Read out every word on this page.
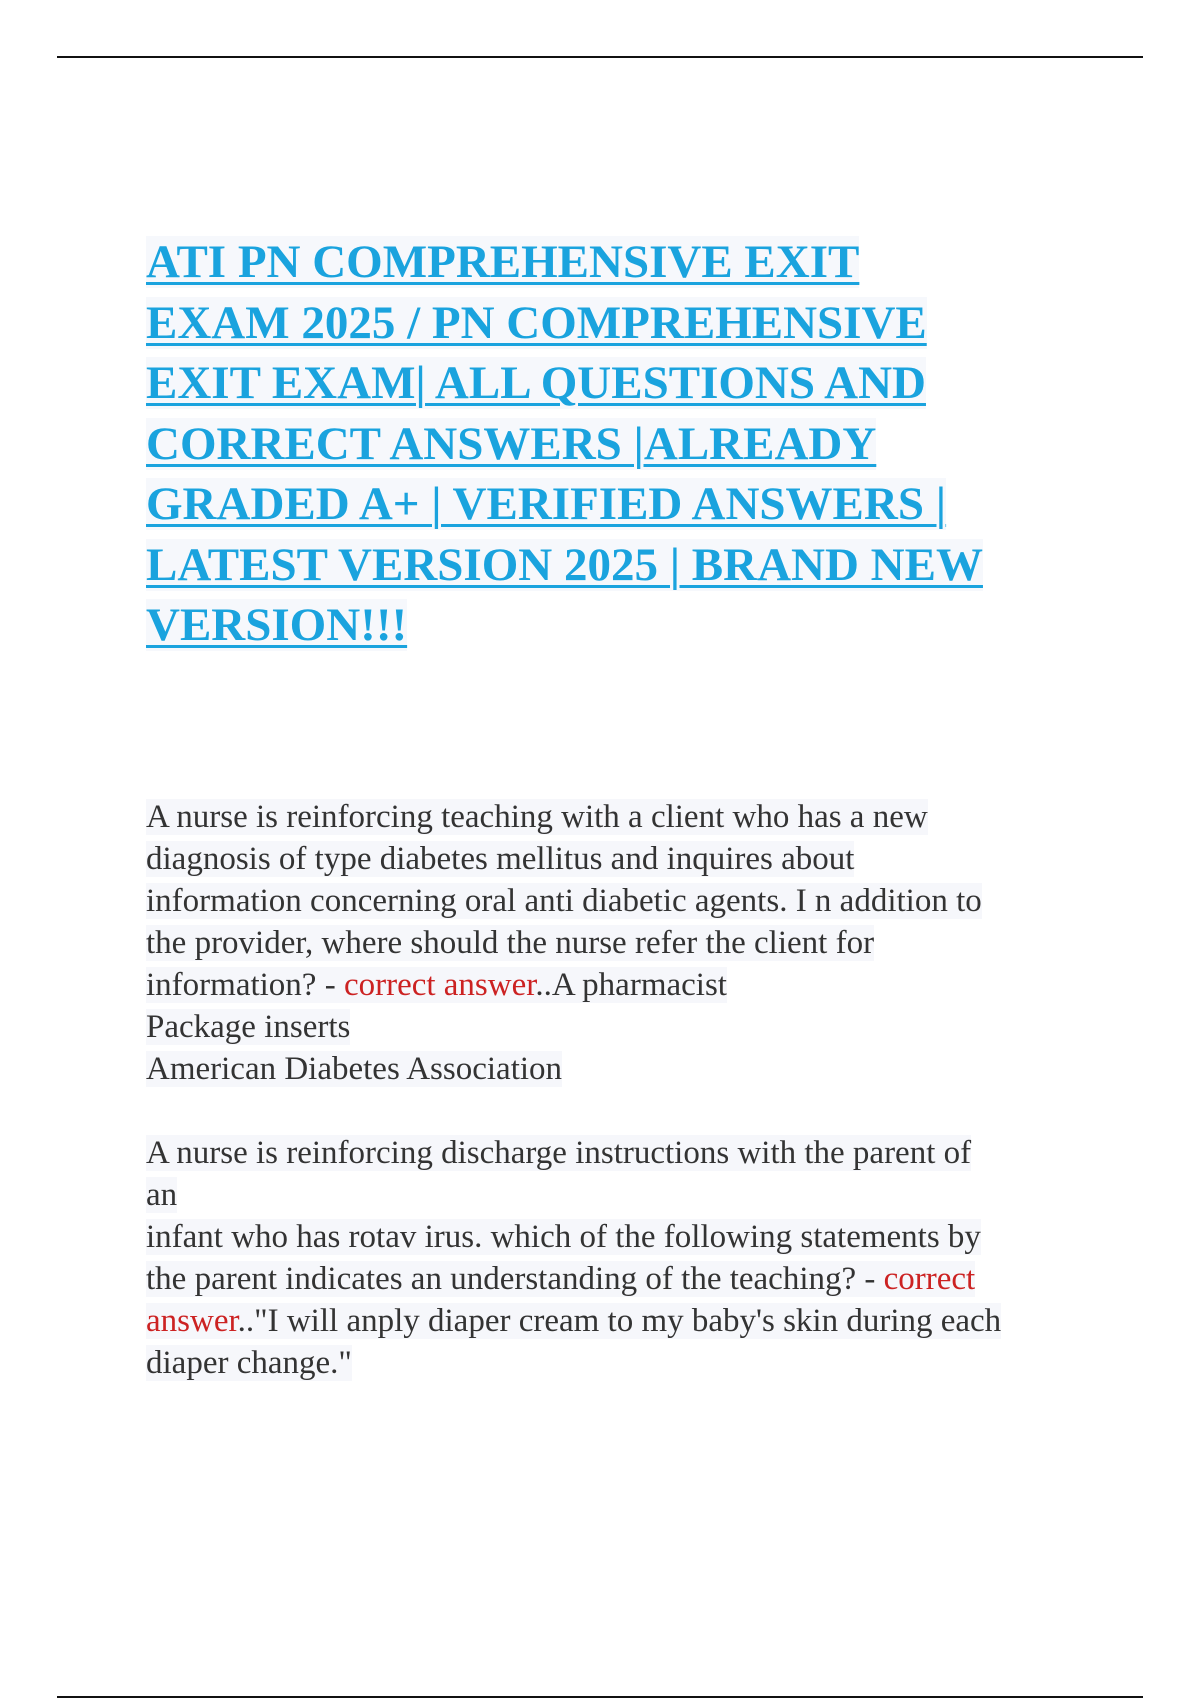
ATI PN COMPREHENSIVE EXIT
EXAM 2025 / PN COMPREHENSIVE
EXIT EXAM| ALL QUESTIONS AND
CORRECT ANSWERS |ALREADY
GRADED A+ | VERIFIED ANSWERS |
LATEST VERSION 2025 | BRAND NEW
VERSION!!!
A nurse is reinforcing teaching with a client who has a new
diagnosis of type diabetes mellitus and inquires about
information concerning oral anti diabetic agents. I n addition to
the provider, where should the nurse refer the client for
information? - correct answer..A pharmacist
Package inserts
American Diabetes Association
A nurse is reinforcing discharge instructions with the parent of
an
infant who has rotav irus. which of the following statements by
the parent indicates an understanding of the teaching? - correct
answer.."I will anply diaper cream to my baby's skin during each
diaper change."
